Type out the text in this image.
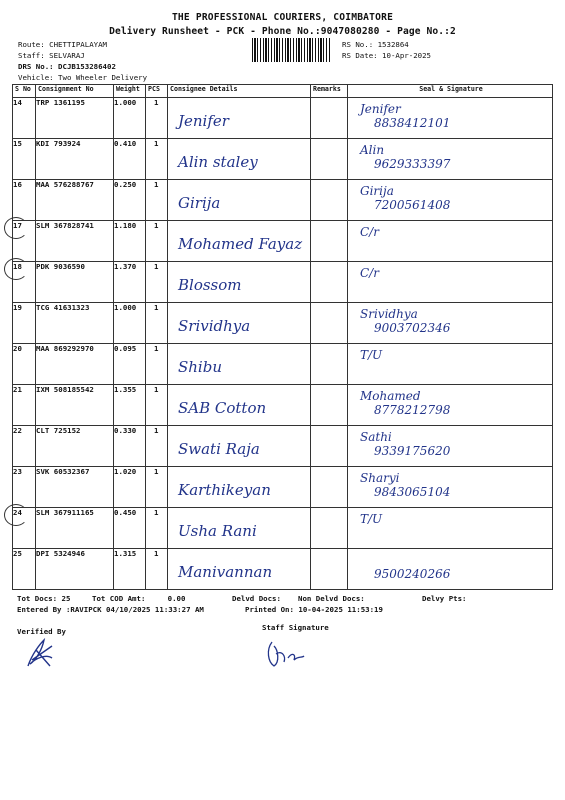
THE PROFESSIONAL COURIERS, COIMBATORE
Delivery Runsheet - PCK - Phone No.:9047080280 - Page No.:2
Route: CHETTIPALAYAM
Staff: SELVARAJ
DRS No.: DCJB153286402
Vehicle: Two Wheeler Delivery
RS No.: 1532864
RS Date: 10-Apr-2025
S No	Consignment No	Weight	PCS	Consignee Details	Remarks	Seal & Signature
14	TRP 1361195	1.000	1	Jenifer		Jenifer
8838412101

15	KDI 793924	0.410	1	Alin staley		Alin
9629333397

16	MAA 576288767	0.250	1	Girija		Girija
7200561408

17	SLM 367828741	1.180	1	Mohamed Fayaz		C/r

18	PDK 9036590	1.370	1	Blossom		C/r

19	TCG 41631323	1.000	1	Srividhya		Srividhya
9003702346

20	MAA 869292970	0.095	1	Shibu		T/U

21	IXM 508185542	1.355	1	SAB Cotton		Mohamed
8778212798

22	CLT 725152	0.330	1	Swati Raja		Sathi
9339175620

23	SVK 60532367	1.020	1	Karthikeyan		Sharyi
9843065104

24	SLM 367911165	0.450	1	Usha Rani		T/U

25	DPI 5324946	1.315	1	Manivannan		9500240266
Tot Docs: 25	Tot COD Amt:     0.00	Delvd Docs: Non Delvd Docs:	Delvy Pts:
Entered By :RAVIPCK 04/10/2025 11:33:27 AM	Printed On: 10-04-2025 11:53:19
Verified By	Staff Signature
